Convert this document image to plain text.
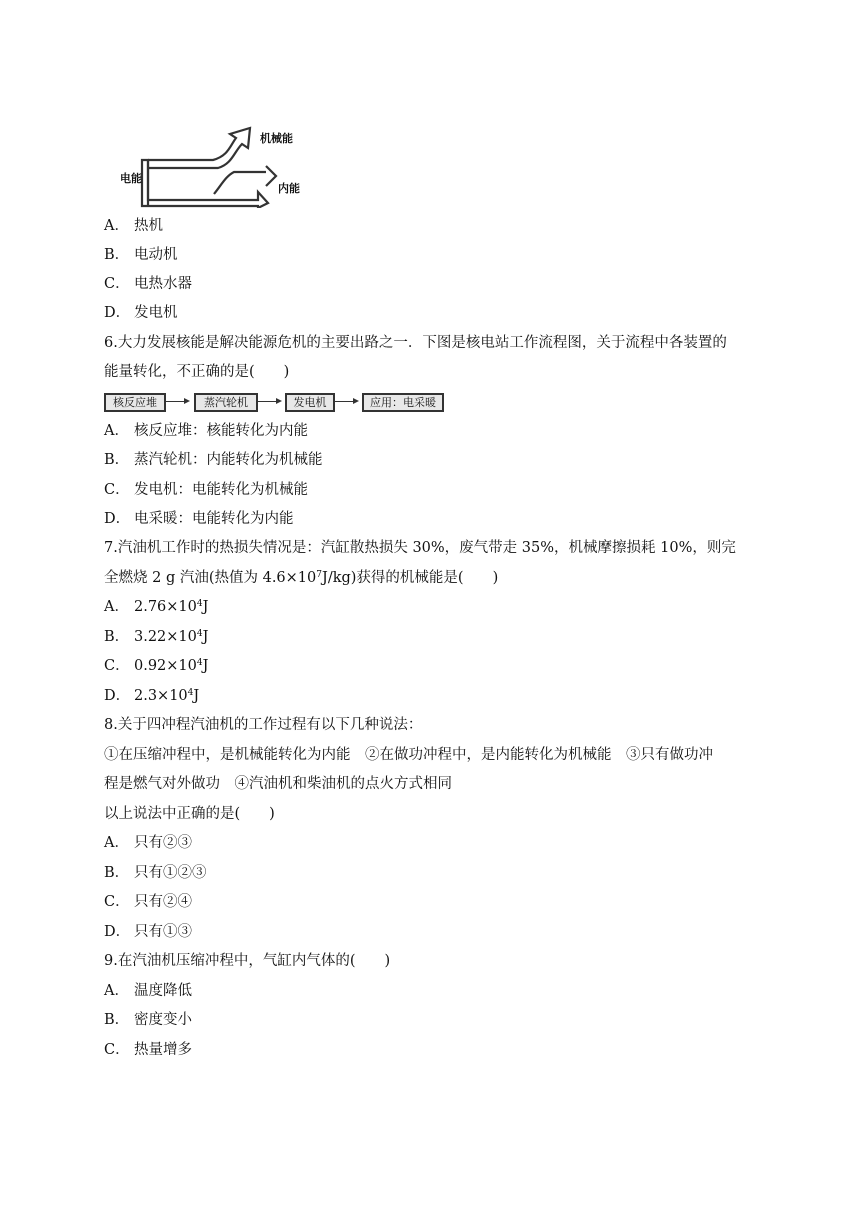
电能
机械能
内能
A． 热机
B． 电动机
C． 电热水器
D． 发电机
6.大力发展核能是解决能源危机的主要出路之一．下图是核电站工作流程图，关于流程中各装置的
能量转化，不正确的是(　　)
核反应堆	蒸汽轮机	发电机	应用：电采暖
A． 核反应堆：核能转化为内能
B． 蒸汽轮机：内能转化为机械能
C． 发电机：电能转化为机械能
D． 电采暖：电能转化为内能
7.汽油机工作时的热损失情况是：汽缸散热损失 30%，废气带走 35%，机械摩擦损耗 10%，则完
全燃烧 2 g 汽油(热值为 $4.6\times 10^7J/kg$)获得的机械能是(　　)
A． $2.76\times 10^4J$
B． $3.22\times 10^4J$
C． $0.92\times 10^4J$
D． $2.3\times 10^4J$
8.关于四冲程汽油机的工作过程有以下几种说法：
①在压缩冲程中，是机械能转化为内能　②在做功冲程中，是内能转化为机械能　③只有做功冲
程是燃气对外做功　④汽油机和柴油机的点火方式相同
以上说法中正确的是(　　)
A． 只有②③
B． 只有①②③
C． 只有②④
D． 只有①③
9.在汽油机压缩冲程中，气缸内气体的(　　)
A． 温度降低
B． 密度变小
C． 热量增多
